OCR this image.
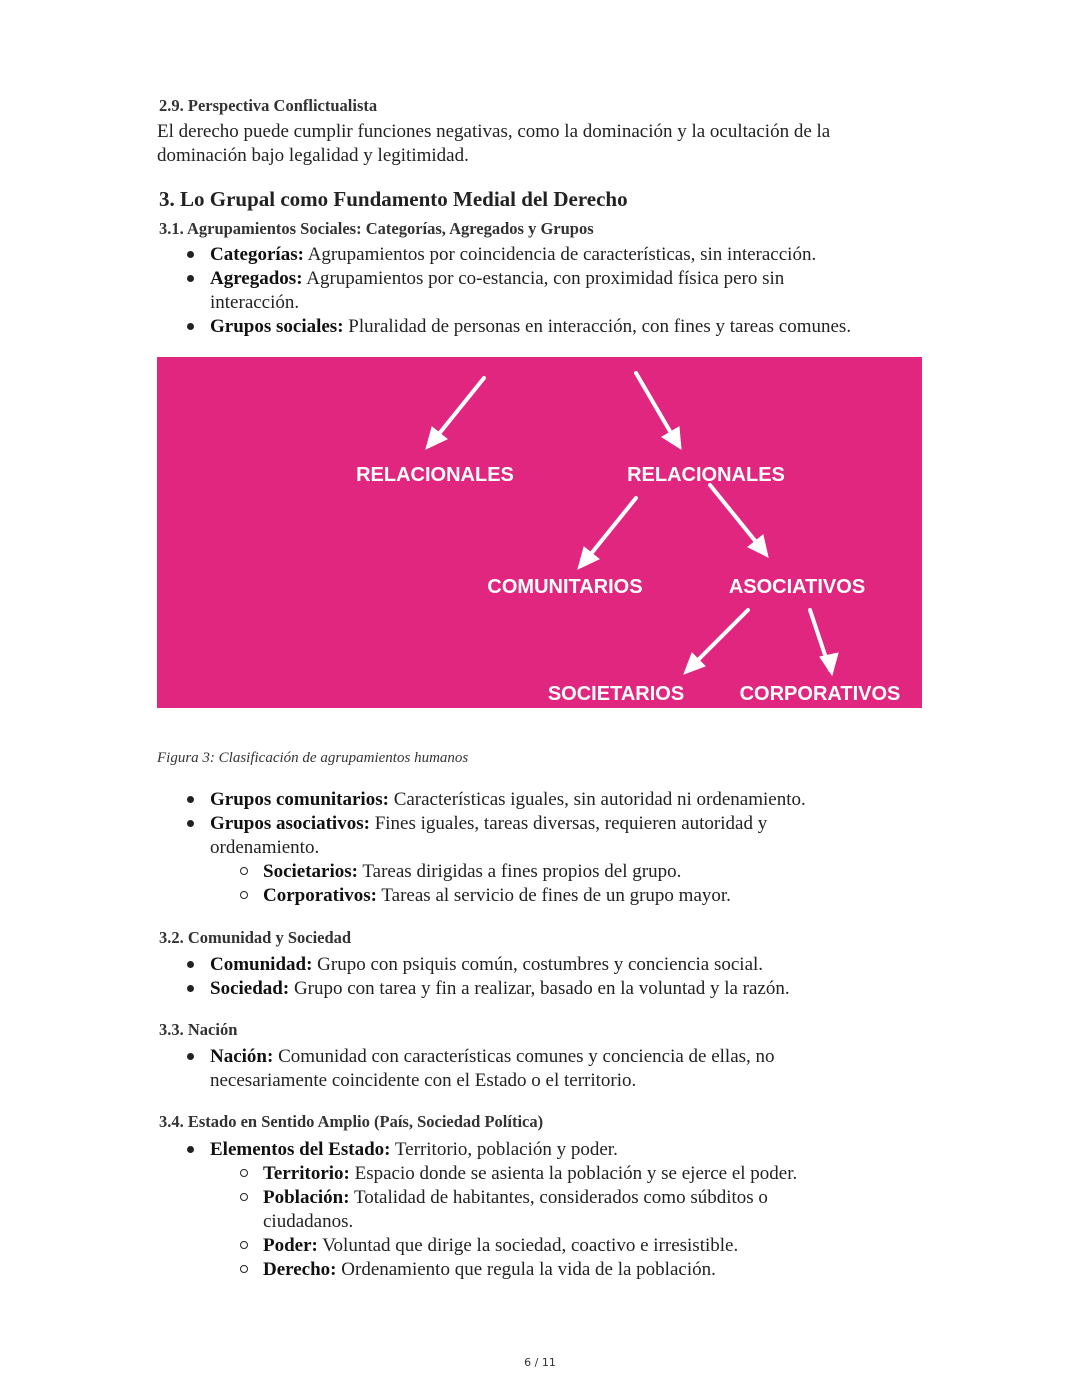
2.9. Perspectiva Conflictualista
El derecho puede cumplir funciones negativas, como la dominación y la ocultación de la
dominación bajo legalidad y legitimidad.
3. Lo Grupal como Fundamento Medial del Derecho
3.1. Agrupamientos Sociales: Categorías, Agregados y Grupos
Categorías: Agrupamientos por coincidencia de características, sin interacción.
Agregados: Agrupamientos por co-estancia, con proximidad física pero sin
interacción.
Grupos sociales: Pluralidad de personas en interacción, con fines y tareas comunes.
RELACIONALES	RELACIONALES
COMUNITARIOS	ASOCIATIVOS
SOCIETARIOS	CORPORATIVOS
Figura 3: Clasificación de agrupamientos humanos
Grupos comunitarios: Características iguales, sin autoridad ni ordenamiento.
Grupos asociativos: Fines iguales, tareas diversas, requieren autoridad y
ordenamiento.
Societarios: Tareas dirigidas a fines propios del grupo.
Corporativos: Tareas al servicio de fines de un grupo mayor.
3.2. Comunidad y Sociedad
Comunidad: Grupo con psiquis común, costumbres y conciencia social.
Sociedad: Grupo con tarea y fin a realizar, basado en la voluntad y la razón.
3.3. Nación
Nación: Comunidad con características comunes y conciencia de ellas, no
necesariamente coincidente con el Estado o el territorio.
3.4. Estado en Sentido Amplio (País, Sociedad Política)
Elementos del Estado: Territorio, población y poder.
Territorio: Espacio donde se asienta la población y se ejerce el poder.
Población: Totalidad de habitantes, considerados como súbditos o
ciudadanos.
Poder: Voluntad que dirige la sociedad, coactivo e irresistible.
Derecho: Ordenamiento que regula la vida de la población.
6 / 11
